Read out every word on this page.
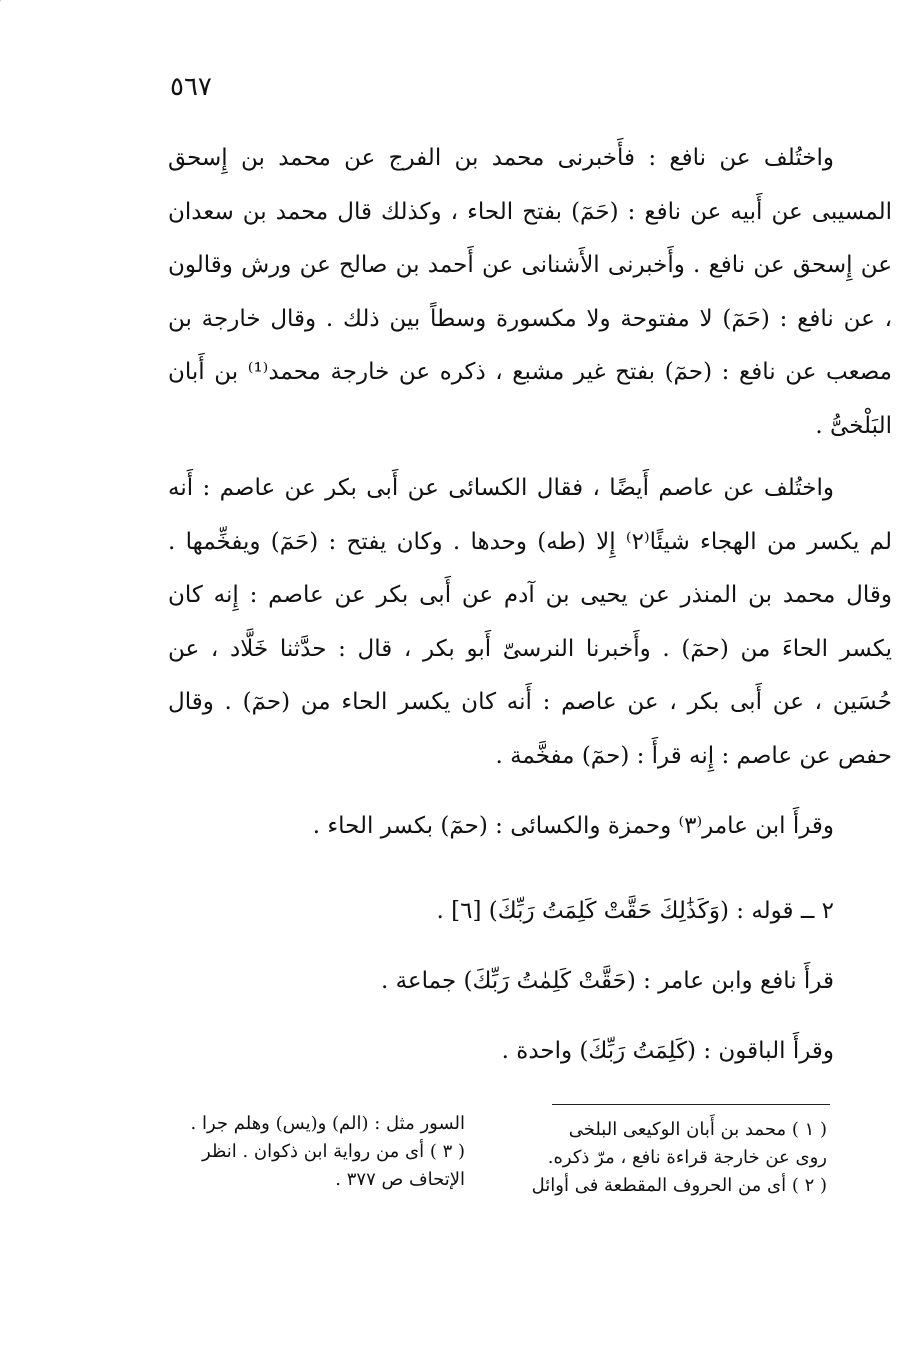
٥٦٧

واختُلف عن نافع : فأَخبرنى محمد بن الفرج عن محمد بن إِسحق المسيبى عن أَبيه عن نافع : (حَمٓ) بفتح الحاء ، وكذلك قال محمد بن سعدان عن إِسحق عن نافع . وأَخبرنى الأَشنانى عن أَحمد بن صالح عن ورش وقالون ، عن نافع : (حَمٓ) لا مفتوحة ولا مكسورة وسطاً بين ذلك . وقال خارجة بن مصعب عن نافع : (حمٓ) بفتح غير مشبع ، ذكره عن خارجة محمد⁽¹⁾ بن أَبان البَلْخىُّ .

واختُلف عن عاصم أَيضًا ، فقال الكسائى عن أَبى بكر عن عاصم : أَنه لم يكسر من الهجاء شيئًا⁽٢⁾ إِلا (طه) وحدها . وكان يفتح : (حَمٓ) ويفخِّمها . وقال محمد بن المنذر عن يحيى بن آدم عن أَبى بكر عن عاصم : إِنه كان يكسر الحاءَ من (حمٓ) . وأَخبرنا النرسىّ أَبو بكر ، قال : حدَّثنا خَلَّاد ، عن حُسَين ، عن أَبى بكر ، عن عاصم : أَنه كان يكسر الحاء من (حمٓ) . وقال حفص عن عاصم : إِنه قرأَ : (حمٓ) مفخَّمة .

وقرأَ ابن عامر⁽٣⁾ وحمزة والكسائى : (حمٓ) بكسر الحاء .

٢ ــ قوله : (وَكَذَٰلِكَ حَقَّتْ كَلِمَتُ رَبِّكَ) [٦] .

قرأَ نافع وابن عامر : (حَقَّتْ كَلِمٰتُ رَبِّكَ) جماعة .

وقرأَ الباقون : (كَلِمَتُ رَبِّكَ) واحدة .

( ١ ) محمد بن أَبان الوكيعى البلخى
روى عن خارجة قراءة نافع ، مرّ ذكره.
( ٢ ) أى من الحروف المقطعة فى أوائل
السور مثل : (الم) و(يس) وهلم جرا .
( ٣ ) أى من رواية ابن ذكوان . انظر
الإتحاف ص ٣٧٧ .
